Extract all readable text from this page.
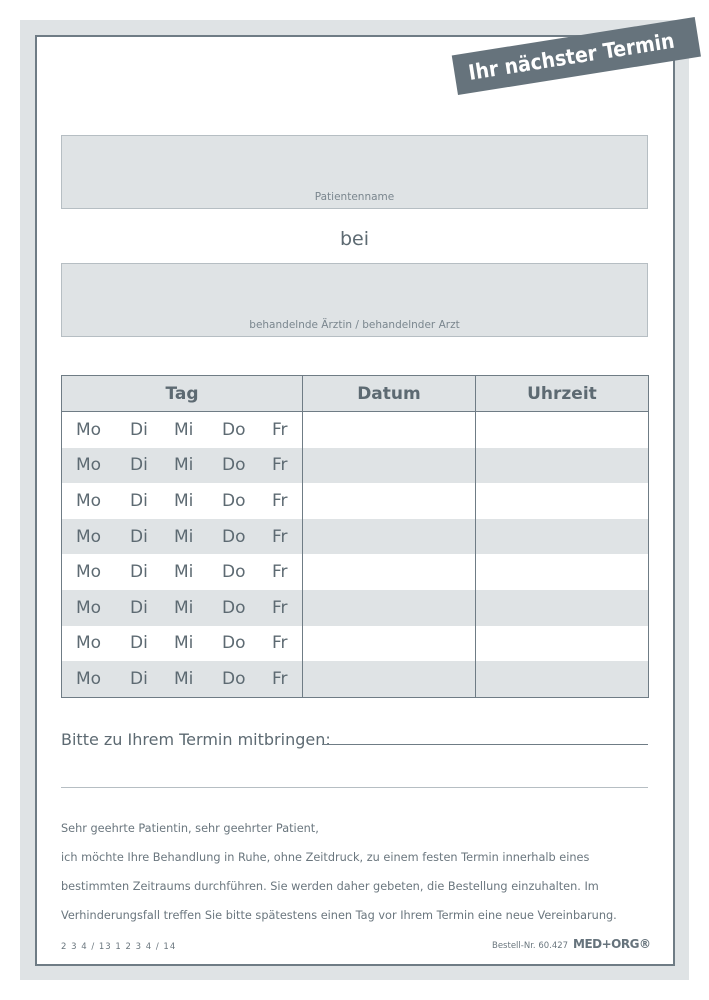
Ihr nächster Termin
Patientenname
bei
behandelnde Ärztin / behandelnder Arzt
Tag	Datum	Uhrzeit

Mo Di Mi Do Fr		

Mo Di Mi Do Fr		

Mo Di Mi Do Fr		

Mo Di Mi Do Fr		

Mo Di Mi Do Fr		

Mo Di Mi Do Fr		

Mo Di Mi Do Fr		

Mo Di Mi Do Fr		

Bitte zu Ihrem Termin mitbringen:
Sehr geehrte Patientin, sehr geehrter Patient,
ich möchte Ihre Behandlung in Ruhe, ohne Zeitdruck, zu einem festen Termin innerhalb eines
bestimmten Zeitraums durchführen. Sie werden daher gebeten, die Bestellung einzuhalten. Im
Verhinderungsfall treffen Sie bitte spätestens einen Tag vor Ihrem Termin eine neue Vereinbarung.
2 3 4 / 13 1 2 3 4 / 14	Bestell-Nr. 60.427 MED+ORG®
